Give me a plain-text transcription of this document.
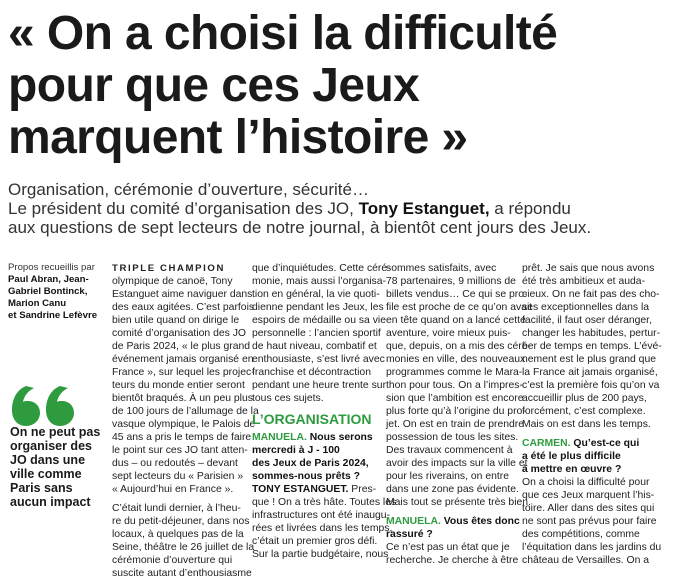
« On a choisi la difficulté
pour que ces Jeux
marquent l’histoire »
Organisation, cérémonie d’ouverture, sécurité…
Le président du comité d’organisation des JO, Tony Estanguet, a répondu
aux questions de sept lecteurs de notre journal, à bientôt cent jours des Jeux.

Propos recueillis par

Paul Abran, Jean-

Gabriel Bontinck,

Marion Canu

et Sandrine Lefèvre

On ne peut pas
organiser des
JO dans une
ville comme
Paris sans
aucun impact

TRIPLE CHAMPION

olympique de canoë, Tony

Estanguet aime naviguer dans

des eaux agitées. C’est parfois

bien utile quand on dirige le

comité d’organisation des JO

de Paris 2024, « le plus grand

événement jamais organisé en

France », sur lequel les projec-

teurs du monde entier seront

bientôt braqués. À un peu plus

de 100 jours de l’allumage de la

vasque olympique, le Palois de

45 ans a pris le temps de faire

le point sur ces JO tant atten-

dus – ou redoutés – devant

sept lecteurs du « Parisien »

« Aujourd’hui en France ».

C’était lundi dernier, à l’heu-

re du petit-déjeuner, dans nos

locaux, à quelques pas de la

Seine, théâtre le 26 juillet de la

cérémonie d’ouverture qui

suscite autant d’enthousiasme

que d’inquiétudes. Cette céré-

monie, mais aussi l’organisa-

tion en général, la vie quoti-

dienne pendant les Jeux, les

espoirs de médaille ou sa vie

personnelle : l’ancien sportif

de haut niveau, combatif et

enthousiaste, s’est livré avec

franchise et décontraction

pendant une heure trente sur

tous ces sujets.

L’ORGANISATION

MANUELA. Nous serons

mercredi à J - 100

des Jeux de Paris 2024,

sommes-nous prêts ?

TONY ESTANGUET. Pres-

que ! On a très hâte. Toutes les

infrastructures ont été inaugu-

rées et livrées dans les temps,

c’était un premier gros défi.

Sur la partie budgétaire, nous

sommes satisfaits, avec

78 partenaires, 9 millions de

billets vendus… Ce qui se pro-

file est proche de ce qu’on avait

en tête quand on a lancé cette

aventure, voire mieux puis-

que, depuis, on a mis des céré-

monies en ville, des nouveaux

programmes comme le Mara-

thon pour tous. On a l’impres-

sion que l’ambition est encore

plus forte qu’à l’origine du pro-

jet. On est en train de prendre

possession de tous les sites.

Des travaux commencent à

avoir des impacts sur la ville et

pour les riverains, on entre

dans une zone pas évidente.

Mais tout se présente très bien.

MANUELA. Vous êtes donc

rassuré ?

Ce n’est pas un état que je

recherche. Je cherche à être

prêt. Je sais que nous avons

été très ambitieux et auda-

cieux. On ne fait pas des cho-

ses exceptionnelles dans la

facilité, il faut oser déranger,

changer les habitudes, pertur-

ber de temps en temps. L’évé-

nement est le plus grand que

la France ait jamais organisé,

c’est la première fois qu’on va

accueillir plus de 200 pays,

forcément, c’est complexe.

Mais on est dans les temps.

CARMEN. Qu’est-ce qui

a été le plus difficile

à mettre en œuvre ?

On a choisi la difficulté pour

que ces Jeux marquent l’his-

toire. Aller dans des sites qui

ne sont pas prévus pour faire

des compétitions, comme

l’équitation dans les jardins du

château de Versailles. On a
